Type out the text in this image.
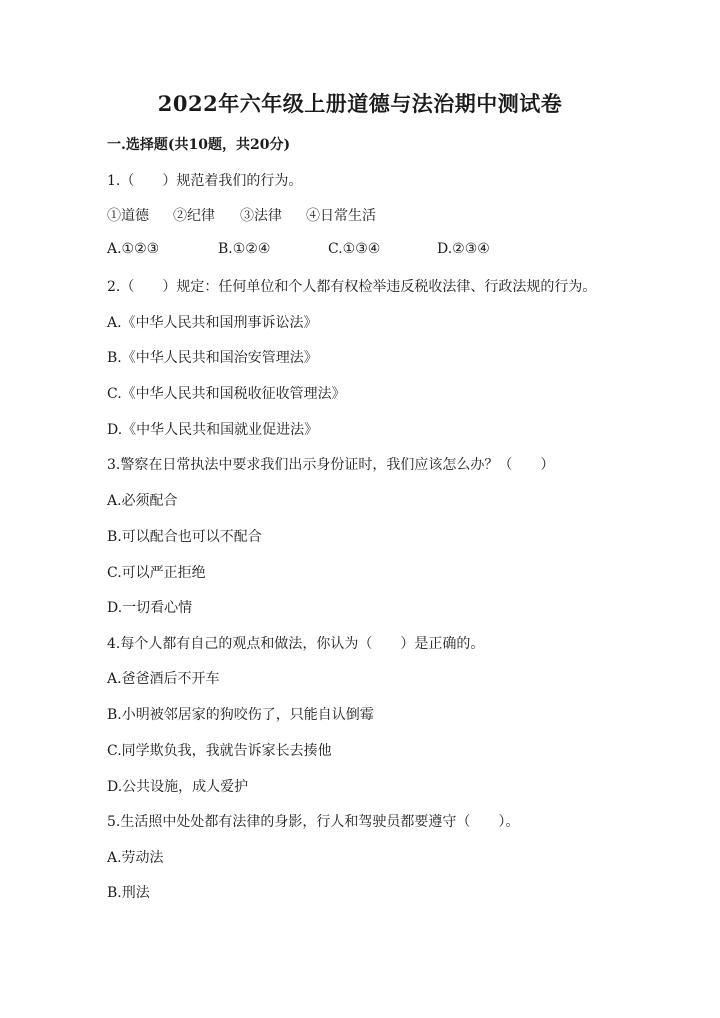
2022年六年级上册道德与法治期中测试卷
一.选择题(共10题，共20分)
1.（　　）规范着我们的行为。
①道德 ②纪律 ③法律 ④日常生活
A.①②③	B.①②④	C.①③④	D.②③④
2.（　　）规定：任何单位和个人都有权检举违反税收法律、行政法规的行为。
A.《中华人民共和国刑事诉讼法》
B.《中华人民共和国治安管理法》
C.《中华人民共和国税收征收管理法》
D.《中华人民共和国就业促进法》
3.警察在日常执法中要求我们出示身份证时，我们应该怎么办？（　　）
A.必须配合
B.可以配合也可以不配合
C.可以严正拒绝
D.一切看心情
4.每个人都有自己的观点和做法，你认为（　　）是正确的。
A.爸爸酒后不开车
B.小明被邻居家的狗咬伤了，只能自认倒霉
C.同学欺负我，我就告诉家长去揍他
D.公共设施，成人爱护
5.生活照中处处都有法律的身影，行人和驾驶员都要遵守（　　）。
A.劳动法
B.刑法
